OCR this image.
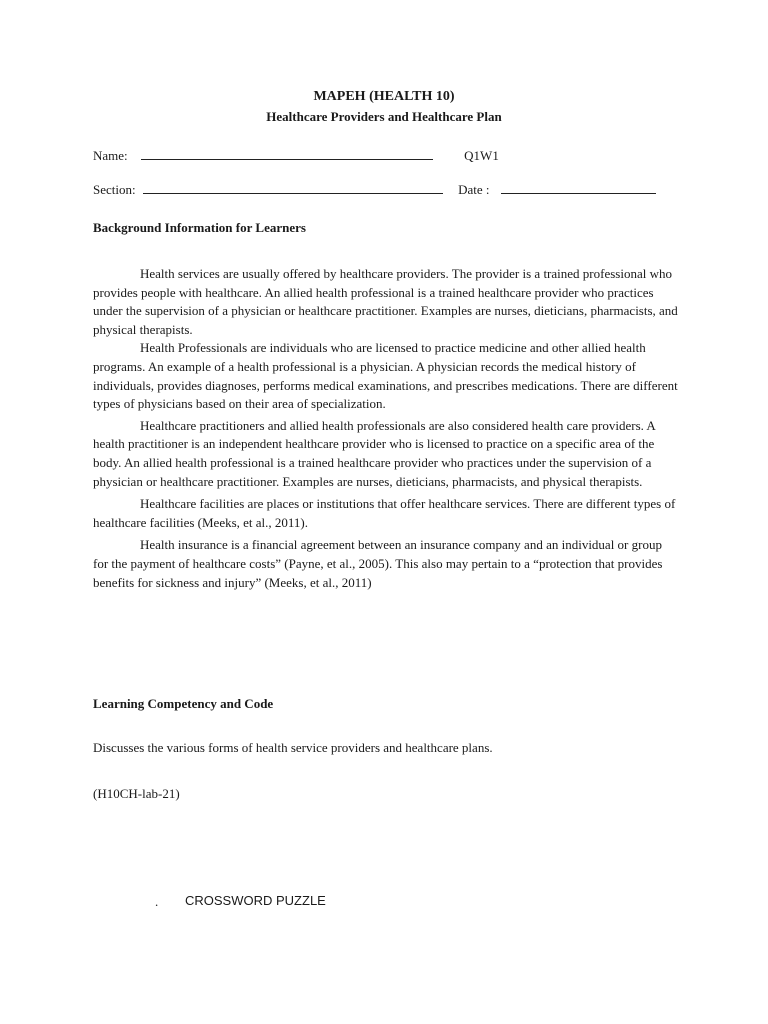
MAPEH (HEALTH 10)
Healthcare Providers and Healthcare Plan
Name:	Q1W1
Section:	Date :
Background Information for Learners

Health services are usually offered by healthcare providers. The provider is a trained professional who provides people with healthcare. An allied health professional is a trained healthcare provider who practices under the supervision of a physician or healthcare practitioner. Examples are nurses, dieticians, pharmacists, and physical therapists.

Health Professionals are individuals who are licensed to practice medicine and other allied health programs. An example of a health professional is a physician. A physician records the medical history of individuals, provides diagnoses, performs medical examinations, and prescribes medications. There are different types of physicians based on their area of specialization.

Healthcare practitioners and allied health professionals are also considered health care providers. A health practitioner is an independent healthcare provider who is licensed to practice on a specific area of the body. An allied health professional is a trained healthcare provider who practices under the supervision of a physician or healthcare practitioner. Examples are nurses, dieticians, pharmacists, and physical therapists.

Healthcare facilities are places or institutions that offer healthcare services. There are different types of healthcare facilities (Meeks, et al., 2011).

Health insurance is a financial agreement between an insurance company and an individual or group for the payment of healthcare costs” (Payne, et al., 2005). This also may pertain to a “protection that provides benefits for sickness and injury” (Meeks, et al., 2011)

Learning Competency and Code
Discusses the various forms of health service providers and healthcare plans.
(H10CH-lab-21)
. CROSSWORD PUZZLE
